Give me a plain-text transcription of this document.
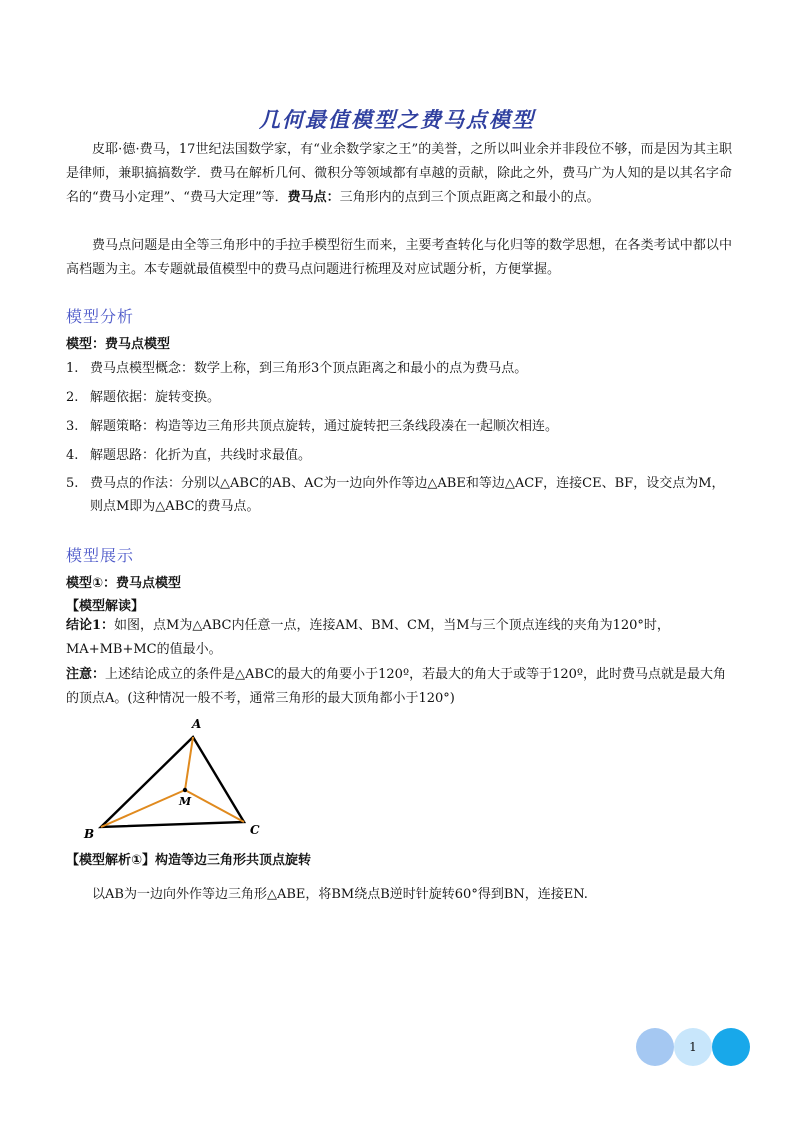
几何最值模型之费马点模型
皮耶·德·费马，17世纪法国数学家，有“业余数学家之王”的美誉，之所以叫业余并非段位不够，而是因为其主职是律师，兼职搞搞数学．费马在解析几何、微积分等领域都有卓越的贡献，除此之外，费马广为人知的是以其名字命名的“费马小定理”、“费马大定理”等．费马点：三角形内的点到三个顶点距离之和最小的点。
费马点问题是由全等三角形中的手拉手模型衍生而来，主要考查转化与化归等的数学思想，在各类考试中都以中高档题为主。本专题就最值模型中的费马点问题进行梳理及对应试题分析，方便掌握。
模型分析
模型：费马点模型
1. 费马点模型概念：数学上称，到三角形3个顶点距离之和最小的点为费马点。
2. 解题依据：旋转变换。
3. 解题策略：构造等边三角形共顶点旋转，通过旋转把三条线段凑在一起顺次相连。
4. 解题思路：化折为直，共线时求最值。
5. 费马点的作法：分别以△ABC的AB、AC为一边向外作等边△ABE和等边△ACF，连接CE、BF，设交点为M，则点M即为△ABC的费马点。
模型展示
模型①：费马点模型
【模型解读】
结论1：如图，点M为△ABC内任意一点，连接AM、BM、CM，当M与三个顶点连线的夹角为120°时，MA+MB+MC的值最小。
注意：上述结论成立的条件是△ABC的最大的角要小于120º，若最大的角大于或等于120º，此时费马点就是最大角的顶点A。(这种情况一般不考，通常三角形的最大顶角都小于120°)
A
B	C
M
【模型解析①】构造等边三角形共顶点旋转
以AB为一边向外作等边三角形△ABE，将BM绕点B逆时针旋转60°得到BN，连接EN.
1
